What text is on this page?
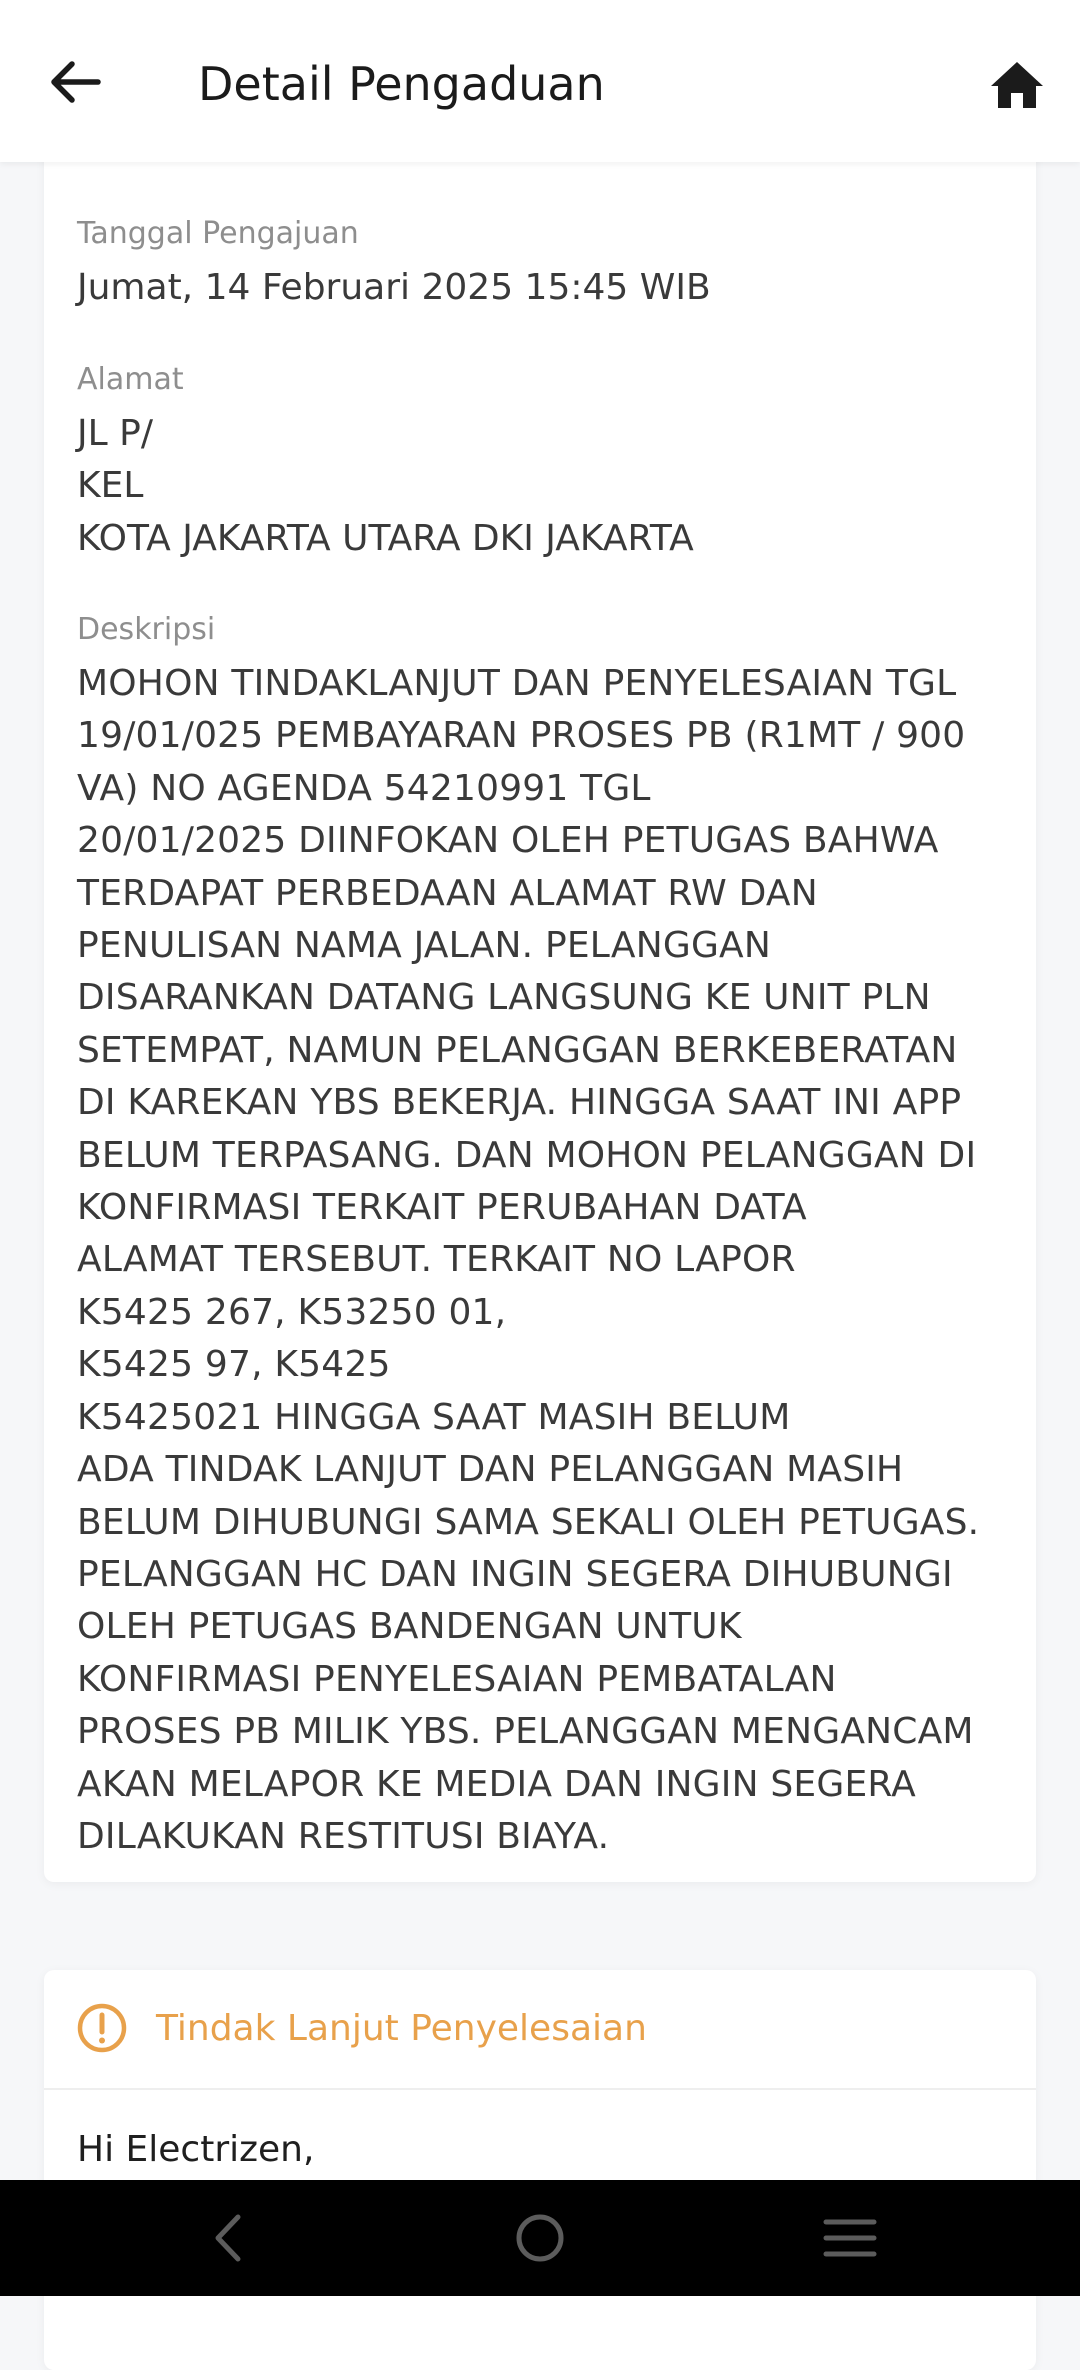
Detail Pengaduan
Tanggal Pengajuan
Jumat, 14 Februari 2025 15:45 WIB
Alamat
JL P/
KEL
KOTA JAKARTA UTARA DKI JAKARTA
Deskripsi
MOHON TINDAKLANJUT DAN PENYELESAIAN TGL
19/01/025 PEMBAYARAN PROSES PB (R1MT / 900
VA) NO AGENDA 54210991 TGL
20/01/2025 DIINFOKAN OLEH PETUGAS BAHWA
TERDAPAT PERBEDAAN ALAMAT RW DAN
PENULISAN NAMA JALAN. PELANGGAN
DISARANKAN DATANG LANGSUNG KE UNIT PLN
SETEMPAT, NAMUN PELANGGAN BERKEBERATAN
DI KAREKAN YBS BEKERJA. HINGGA SAAT INI APP
BELUM TERPASANG. DAN MOHON PELANGGAN DI
KONFIRMASI TERKAIT PERUBAHAN DATA
ALAMAT TERSEBUT. TERKAIT NO LAPOR
K5425 267, K53250 01,
K5425 97, K5425
K5425021 HINGGA SAAT MASIH BELUM
ADA TINDAK LANJUT DAN PELANGGAN MASIH
BELUM DIHUBUNGI SAMA SEKALI OLEH PETUGAS.
PELANGGAN HC DAN INGIN SEGERA DIHUBUNGI
OLEH PETUGAS BANDENGAN UNTUK
KONFIRMASI PENYELESAIAN PEMBATALAN
PROSES PB MILIK YBS. PELANGGAN MENGANCAM
AKAN MELAPOR KE MEDIA DAN INGIN SEGERA
DILAKUKAN RESTITUSI BIAYA.
Tindak Lanjut Penyelesaian
Hi Electrizen,
